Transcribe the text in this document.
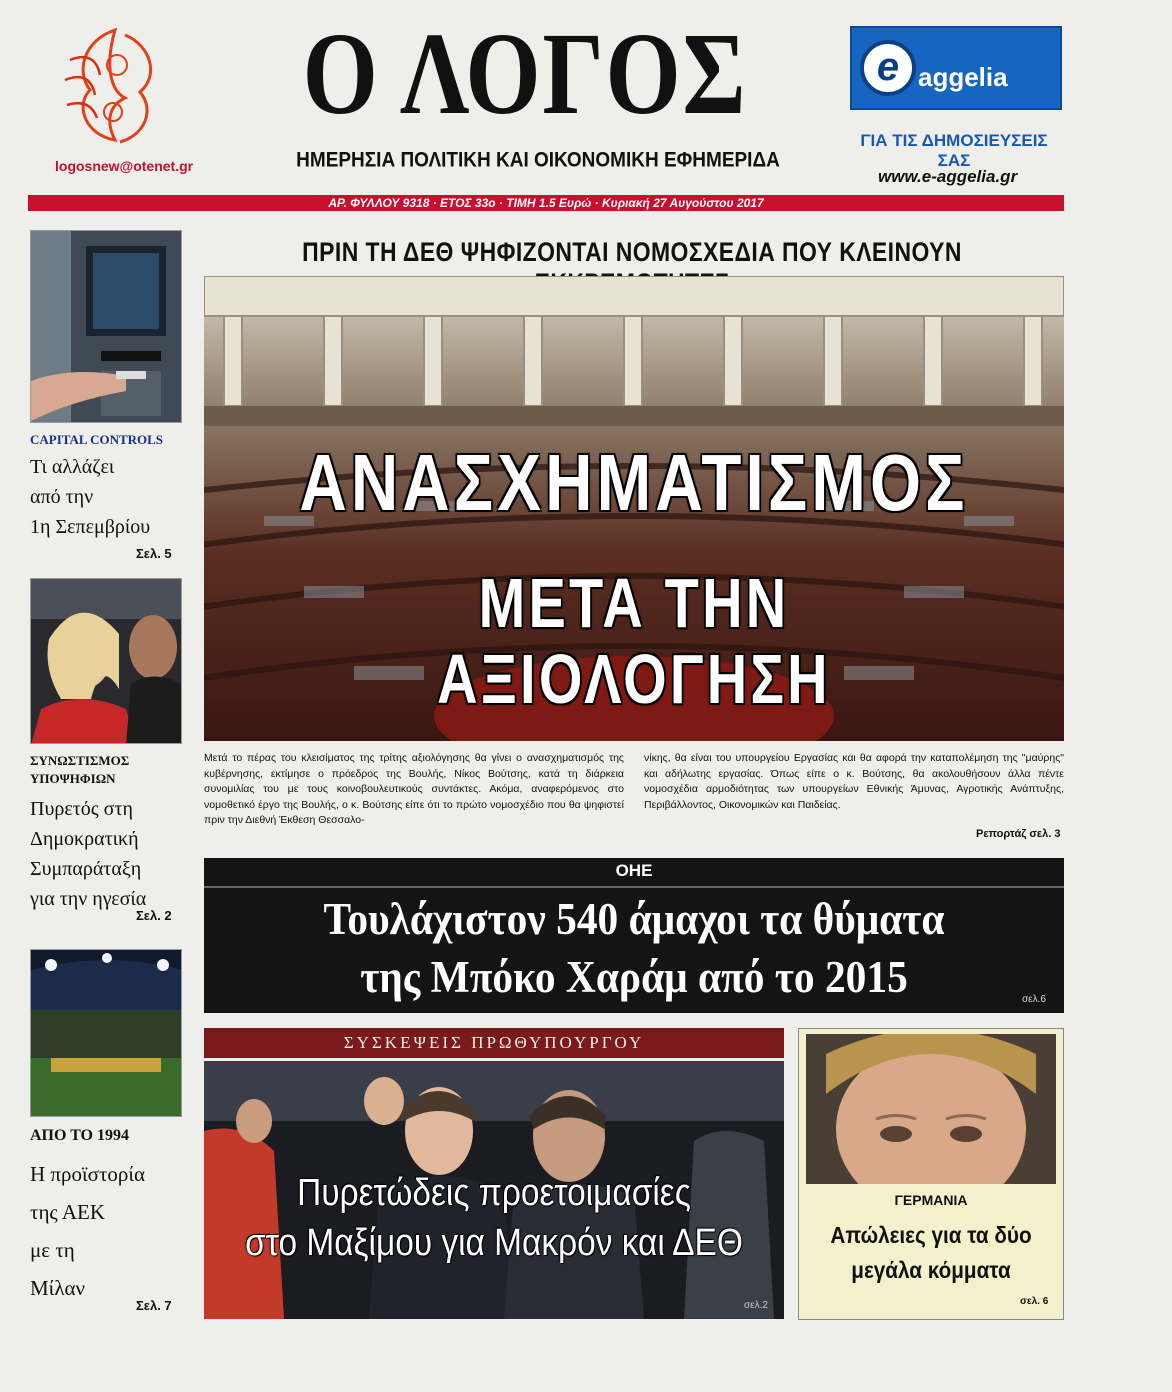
logosnew@otenet.gr
Ο ΛΟΓΟΣ
ΗΜΕΡΗΣΙΑ ΠΟΛΙΤΙΚΗ ΚΑΙ ΟΙΚΟΝΟΜΙΚΗ ΕΦΗΜΕΡΙΔΑ
e aggelia
ΓΙΑ ΤΙΣ ΔΗΜΟΣΙΕΥΣΕΙΣ ΣΑΣ
www.e-aggelia.gr
ΑΡ. ΦΥΛΛΟΥ 9318 · ΕΤΟΣ 33ο · ΤΙΜΗ 1.5 Ευρώ · Κυριακή 27 Αυγούστου 2017
CAPITAL CONTROLS
Τι αλλάζει
από την
1η Σεπεμβρίου
Σελ. 5
ΣΥΝΩΣΤΙΣΜΟΣ
ΥΠΟΨΗΦΙΩΝ
Πυρετός στη
Δημοκρατική
Συμπαράταξη
για την ηγεσία
Σελ. 2
ΑΠΟ ΤΟ 1994
Η προϊστορία
της ΑΕΚ
με τη
Μίλαν
Σελ. 7
ΠΡΙΝ ΤΗ ΔΕΘ ΨΗΦΙΖΟΝΤΑΙ ΝΟΜΟΣΧΕΔΙΑ ΠΟΥ ΚΛΕΙΝΟΥΝ
ΑΝΑΣΧΗΜΑΤΙΣΜΟΣ
ΜΕΤΑ ΤΗΝ ΑΞΙΟΛΟΓΗΣΗ
Μετά το πέρας του κλεισίματος της τρίτης αξιολόγησης θα γίνει ο ανασχηματισμός της κυβέρνησης, εκτίμησε ο πρόεδρος της Βουλής, Νίκος Βούτσης, κατά τη διάρκεια συνομιλίας του με τους κοινοβουλευτικούς συντάκτες. Ακόμα, αναφερόμενος στο νομοθετικό έργο της Βουλής, ο κ. Βούτσης είπε ότι το πρώτο νομοσχέδιο που θα ψηφιστεί πριν την Διεθνή Έκθεση Θεσσαλο-
νίκης, θα είναι του υπουργείου Εργασίας και θα αφορά την καταπολέμηση της "μαύρης" και αδήλωτης εργασίας. Όπως είπε ο κ. Βούτσης, θα ακολουθήσουν άλλα πέντε νομοσχέδια αρμοδιότητας των υπουργείων Εθνικής Άμυνας, Αγροτικής Ανάπτυξης, Περιβάλλοντος, Οικονομικών και Παιδείας.
Ρεπορτάζ σελ. 3
ΟΗΕ
Τουλάχιστον 540 άμαχοι τα θύματα
της Μπόκο Χαράμ από το 2015	σελ.6
ΣΥΣΚΕΨΕΙΣ ΠΡΩΘΥΠΟΥΡΓΟΥ
Πυρετώδεις προετοιμασίες
στο Μαξίμου για Μακρόν και ΔΕΘ
σελ.2
ΓΕΡΜΑΝΙΑ
Απώλειες για τα δύο
μεγάλα κόμματα
σελ. 6
